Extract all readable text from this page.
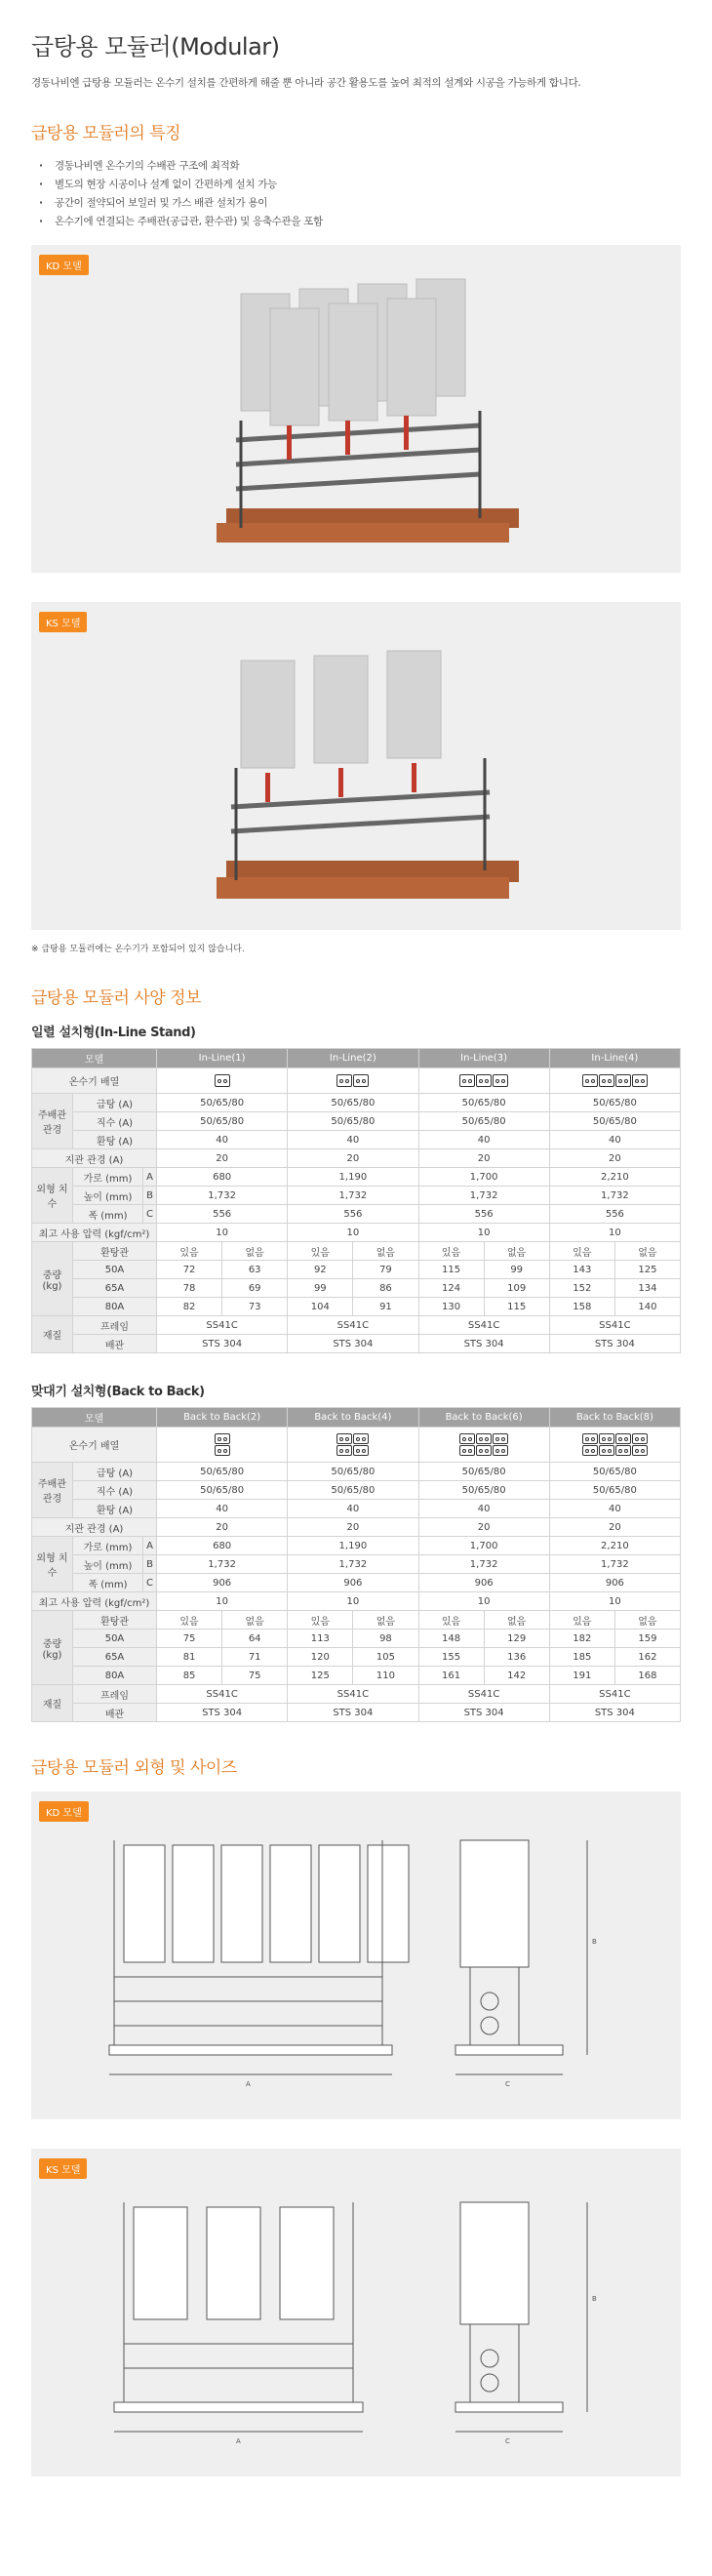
급탕용 모듈러(Modular)

경동나비엔 급탕용 모듈러는 온수기 설치를 간편하게 해줄 뿐 아니라 공간 활용도를 높여 최적의 설계와 시공을 가능하게 합니다.

급탕용 모듈러의 특징
· 경동나비엔 온수기의 수배관 구조에 최적화
· 별도의 현장 시공이나 설계 없이 간편하게 설치 가능
· 공간이 절약되어 보일러 및 가스 배관 설치가 용이
· 온수기에 연결되는 주배관(공급관, 환수관) 및 응축수관을 포함
KD 모델
KS 모델

※ 급탕용 모듈러에는 온수기가 포함되어 있지 않습니다.

급탕용 모듈러 사양 정보
일렬 설치형(In-Line Stand)
모델			In-Line(1)		In-Line(2)		In-Line(3)		In-Line(4)	
온수기 배열							

주배관 관경	급탕 (A)		50/65/80		50/65/80		50/65/80		50/65/80	
	직수 (A)		50/65/80		50/65/80		50/65/80		50/65/80	
	환탕 (A)		40		40		40		40	
지관 관경 (A)			20		20		20		20	
외형 치수	가로 (mm)	A	680		1,190		1,700		2,210	
	높이 (mm)	B	1,732		1,732		1,732		1,732	
	폭 (mm)	C	556		556		556		556	
최고 사용 압력 (kgf/cm²)			10		10		10		10	
중량 (kg)	환탕관		있음	없음	있음	없음	있음	없음	있음	없음
	50A		72	63	92	79	115	99	143	125
	65A		78	69	99	86	124	109	152	134
	80A		82	73	104	91	130	115	158	140
재질	프레임		SS41C		SS41C		SS41C		SS41C	
	배관		STS 304		STS 304		STS 304		STS 304	
맞대기 설치형(Back to Back)
모델			Back to Back(2)		Back to Back(4)		Back to Back(6)		Back to Back(8)	
온수기 배열							

주배관 관경	급탕 (A)		50/65/80		50/65/80		50/65/80		50/65/80	
	직수 (A)		50/65/80		50/65/80		50/65/80		50/65/80	
	환탕 (A)		40		40		40		40	
지관 관경 (A)			20		20		20		20	
외형 치수	가로 (mm)	A	680		1,190		1,700		2,210	
	높이 (mm)	B	1,732		1,732		1,732		1,732	
	폭 (mm)	C	906		906		906		906	
최고 사용 압력 (kgf/cm²)			10		10		10		10	
중량 (kg)	환탕관		있음	없음	있음	없음	있음	없음	있음	없음
	50A		75	64	113	98	148	129	182	159
	65A		81	71	120	105	155	136	185	162
	80A		85	75	125	110	161	142	191	168
재질	프레임		SS41C		SS41C		SS41C		SS41C	
	배관		STS 304		STS 304		STS 304		STS 304	
급탕용 모듈러 외형 및 사이즈
KD 모델
A	C
B
KS 모델
A	C
B
